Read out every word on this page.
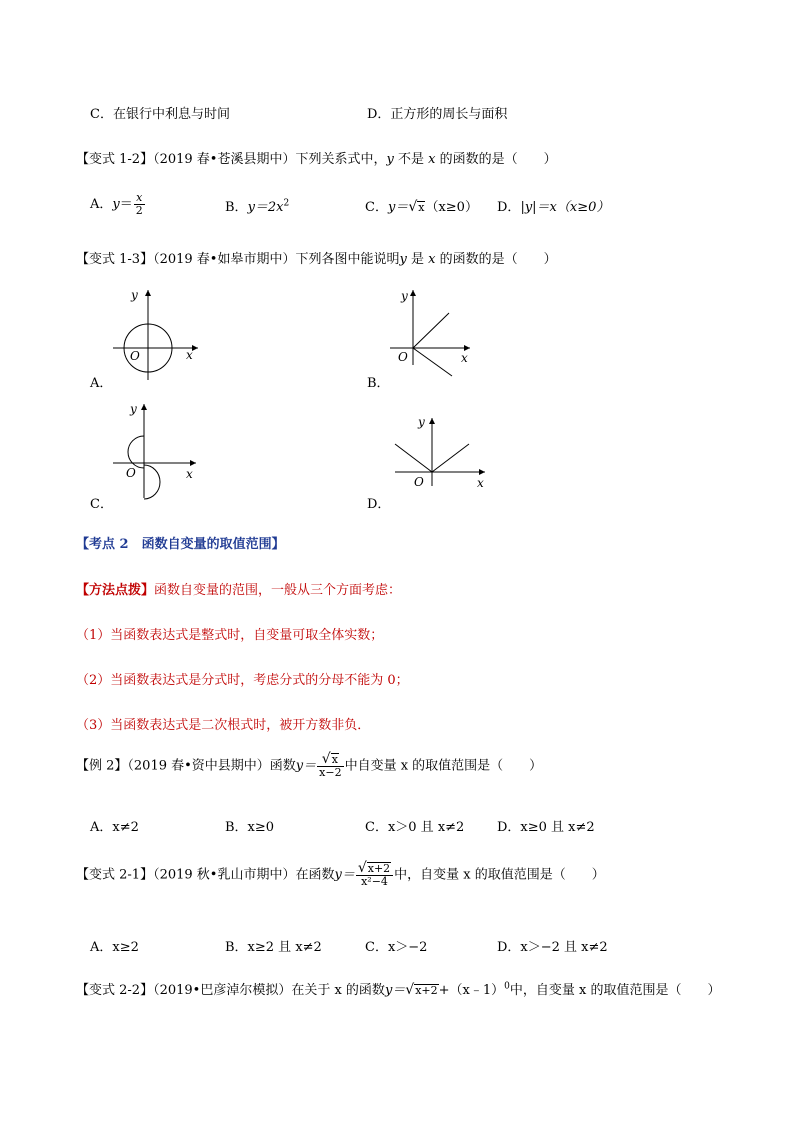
C．在银行中利息与时间	D．正方形的周长与面积
【变式 1-2】（2019 春•苍溪县期中）下列关系式中，y 不是 x 的函数的是（　　）
A．$y= \frac{x}{2}$	B．$y=2x^2$	C．y＝√x（x≥0） D．|y|＝x（x≥0）
【变式 1-3】（2019 春•如皋市期中）下列各图中能说明y 是 x 的函数的是（　　）
A．
x
y
O
B．
x
y
O
C．
x
y
O
D．
x
y
O
【考点 2　函数自变量的取值范围】
【方法点拨】函数自变量的范围，一般从三个方面考虑：
（1）当函数表达式是整式时，自变量可取全体实数；
（2）当函数表达式是分式时，考虑分式的分母不能为 0；
（3）当函数表达式是二次根式时，被开方数非负．
【例 2】（2019 春•资中县期中）函数$y= \frac{√x}{x-2}$ 中自变量 x 的取值范围是（　　）
A．x≠2	B．x≥0	C．x＞0 且 x≠2	D．x≥0 且 x≠2
【变式 2-1】（2019 秋•乳山市期中）在函数$y= \frac{√x+2}{\text{x²−4}}$ 中，自变量 x 的取值范围是（　　）
A．x≥2	B．x≥2 且 x≠2	C．x＞−2	D．x＞−2 且 x≠2
【变式 2-2】（2019•巴彦淖尔模拟）在关于 x 的函数y＝√x+2+（x﹣1）$^0$中，自变量 x 的取值范围是（　　）
